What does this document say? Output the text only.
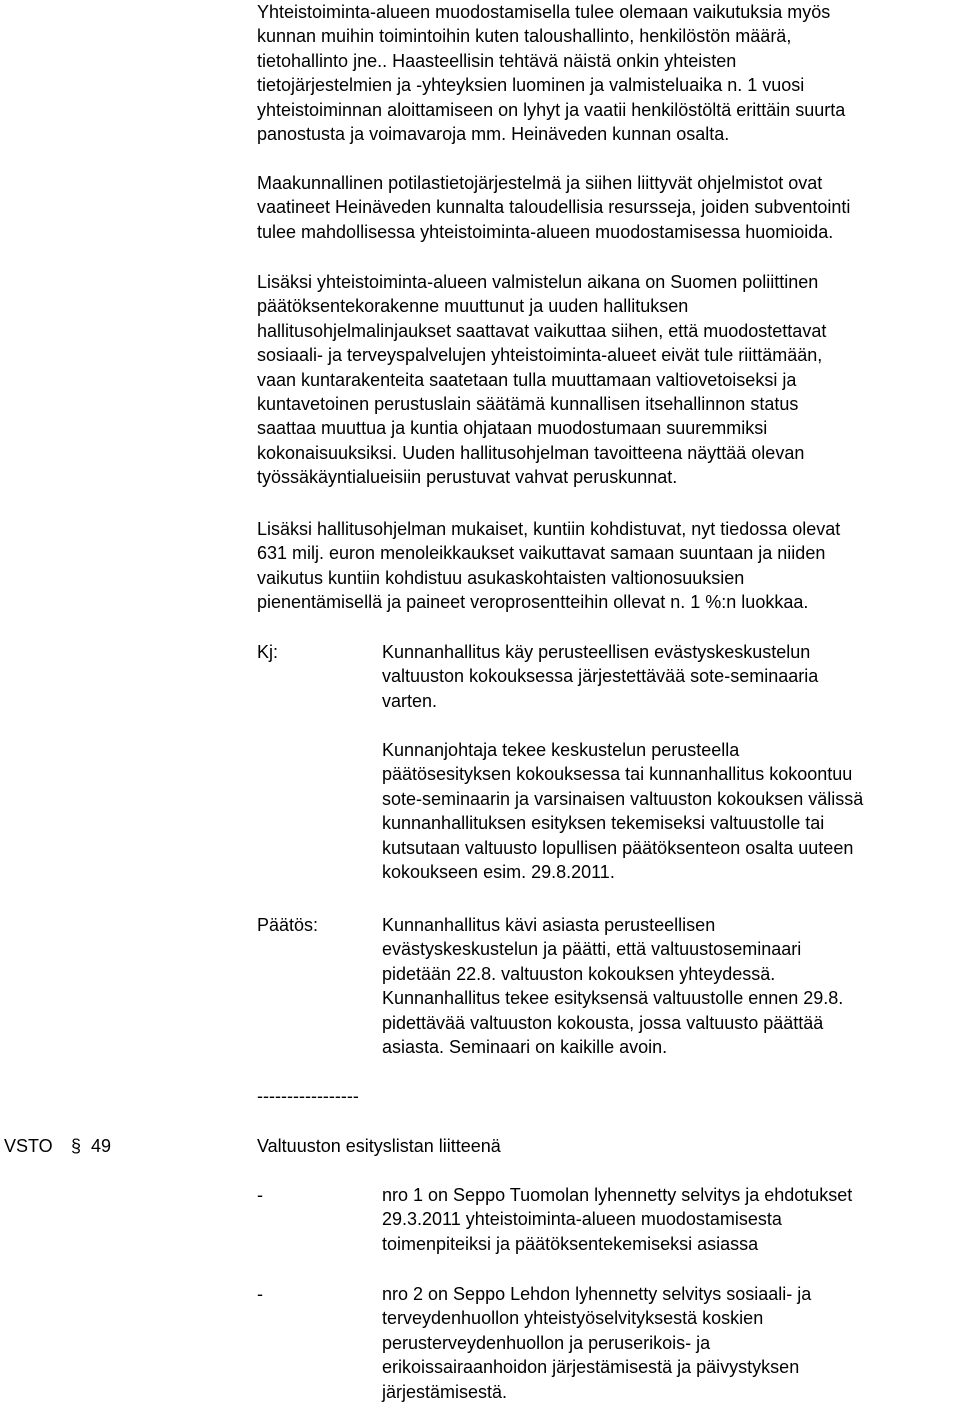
Yhteistoiminta-alueen muodostamisella tulee olemaan vaikutuksia myös
kunnan muihin toimintoihin kuten taloushallinto, henkilöstön määrä,
tietohallinto jne.. Haasteellisin tehtävä näistä onkin yhteisten
tietojärjestelmien ja -yhteyksien luominen ja valmisteluaika n. 1 vuosi
yhteistoiminnan aloittamiseen on lyhyt ja vaatii henkilöstöltä erittäin suurta
panostusta ja voimavaroja mm. Heinäveden kunnan osalta.
Maakunnallinen potilastietojärjestelmä ja siihen liittyvät ohjelmistot ovat
vaatineet Heinäveden kunnalta taloudellisia resursseja, joiden subventointi
tulee mahdollisessa yhteistoiminta-alueen muodostamisessa huomioida.
Lisäksi yhteistoiminta-alueen valmistelun aikana on Suomen poliittinen
päätöksentekorakenne muuttunut ja uuden hallituksen
hallitusohjelmalinjaukset saattavat vaikuttaa siihen, että muodostettavat
sosiaali- ja terveyspalvelujen yhteistoiminta-alueet eivät tule riittämään,
vaan kuntarakenteita saatetaan tulla muuttamaan valtiovetoiseksi ja
kuntavetoinen perustuslain säätämä kunnallisen itsehallinnon status
saattaa muuttua ja kuntia ohjataan muodostumaan suuremmiksi
kokonaisuuksiksi. Uuden hallitusohjelman tavoitteena näyttää olevan
työssäkäyntialueisiin perustuvat vahvat peruskunnat.
Lisäksi hallitusohjelman mukaiset, kuntiin kohdistuvat, nyt tiedossa olevat
631 milj. euron menoleikkaukset vaikuttavat samaan suuntaan ja niiden
vaikutus kuntiin kohdistuu asukaskohtaisten valtionosuuksien
pienentämisellä ja paineet veroprosentteihin ollevat n. 1 %:n luokkaa.
Kj:	Kunnanhallitus käy perusteellisen evästyskeskustelun
valtuuston kokouksessa järjestettävää sote-seminaaria
varten.
Kunnanjohtaja tekee keskustelun perusteella
päätösesityksen kokouksessa tai kunnanhallitus kokoontuu
sote-seminaarin ja varsinaisen valtuuston kokouksen välissä
kunnanhallituksen esityksen tekemiseksi valtuustolle tai
kutsutaan valtuusto lopullisen päätöksenteon osalta uuteen
kokoukseen esim. 29.8.2011.
Päätös:	Kunnanhallitus kävi asiasta perusteellisen
evästyskeskustelun ja päätti, että valtuustoseminaari
pidetään 22.8. valtuuston kokouksen yhteydessä.
Kunnanhallitus tekee esityksensä valtuustolle ennen 29.8.
pidettävää valtuuston kokousta, jossa valtuusto päättää
asiasta. Seminaari on kaikille avoin.
-----------------
VSTO § 49	Valtuuston esityslistan liitteenä
-	nro 1 on Seppo Tuomolan lyhennetty selvitys ja ehdotukset
29.3.2011 yhteistoiminta-alueen muodostamisesta
toimenpiteiksi ja päätöksentekemiseksi asiassa
-	nro 2 on Seppo Lehdon lyhennetty selvitys sosiaali- ja
terveydenhuollon yhteistyöselvityksestä koskien
perusterveydenhuollon ja peruserikois- ja
erikoissairaanhoidon järjestämisestä ja päivystyksen
järjestämisestä.
